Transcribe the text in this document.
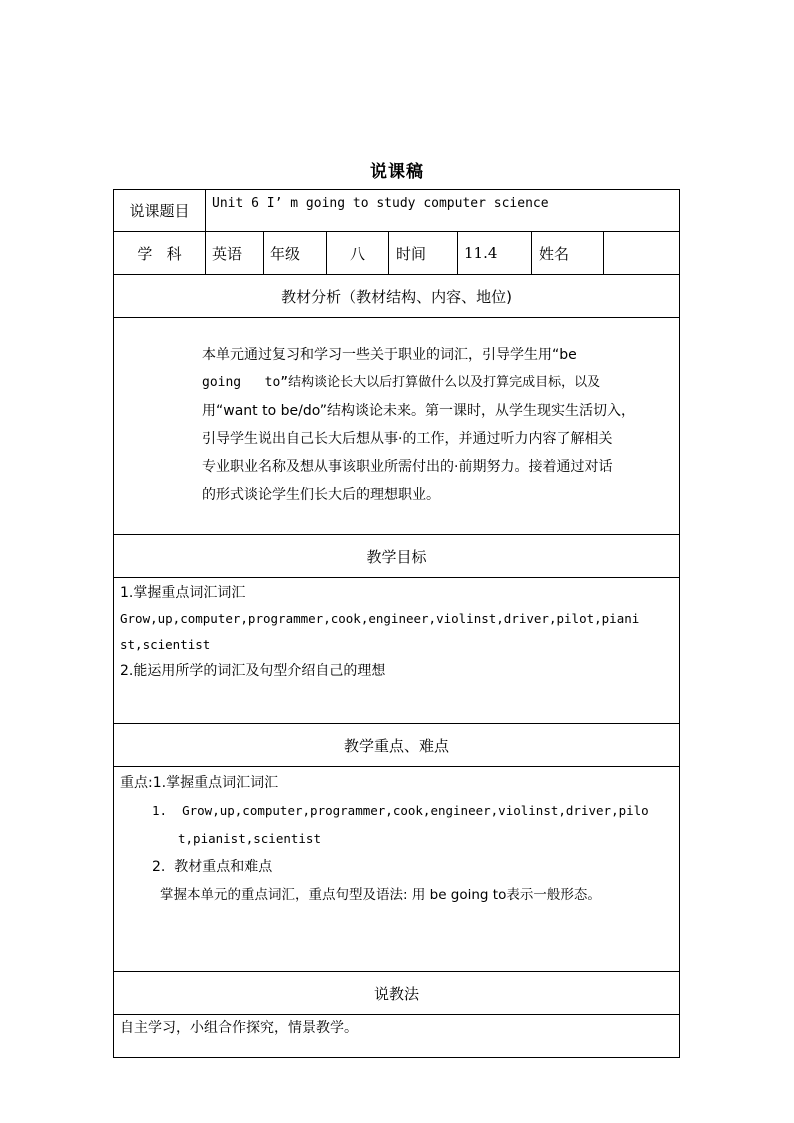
说课稿
说课题目	Unit 6 I’ m going to study computer science
学   科	英语	年级	八	时间	11.4	姓名
教材分析（教材结构、内容、地位)
本单元通过复习和学习一些关于职业的词汇，引导学生用“be
going   to”结构谈论长大以后打算做什么以及打算完成目标，以及
用“want to be/do”结构谈论未来。第一课时，从学生现实生活切入，
引导学生说出自己长大后想从事·的工作，并通过听力内容了解相关
专业职业名称及想从事该职业所需付出的·前期努力。接着通过对话
的形式谈论学生们长大后的理想职业。
教学目标
1.掌握重点词汇词汇
Grow,up,computer,programmer,cook,engineer,violinst,driver,pilot,piani
st,scientist
2.能运用所学的词汇及句型介绍自己的理想
教学重点、难点
重点:1.掌握重点词汇词汇
1.  Grow,up,computer,programmer,cook,engineer,violinst,driver,pilo
t,pianist,scientist
2.  教材重点和难点
掌握本单元的重点词汇，重点句型及语法: 用 be going to表示一般形态。
说教法
自主学习，小组合作探究，情景教学。
